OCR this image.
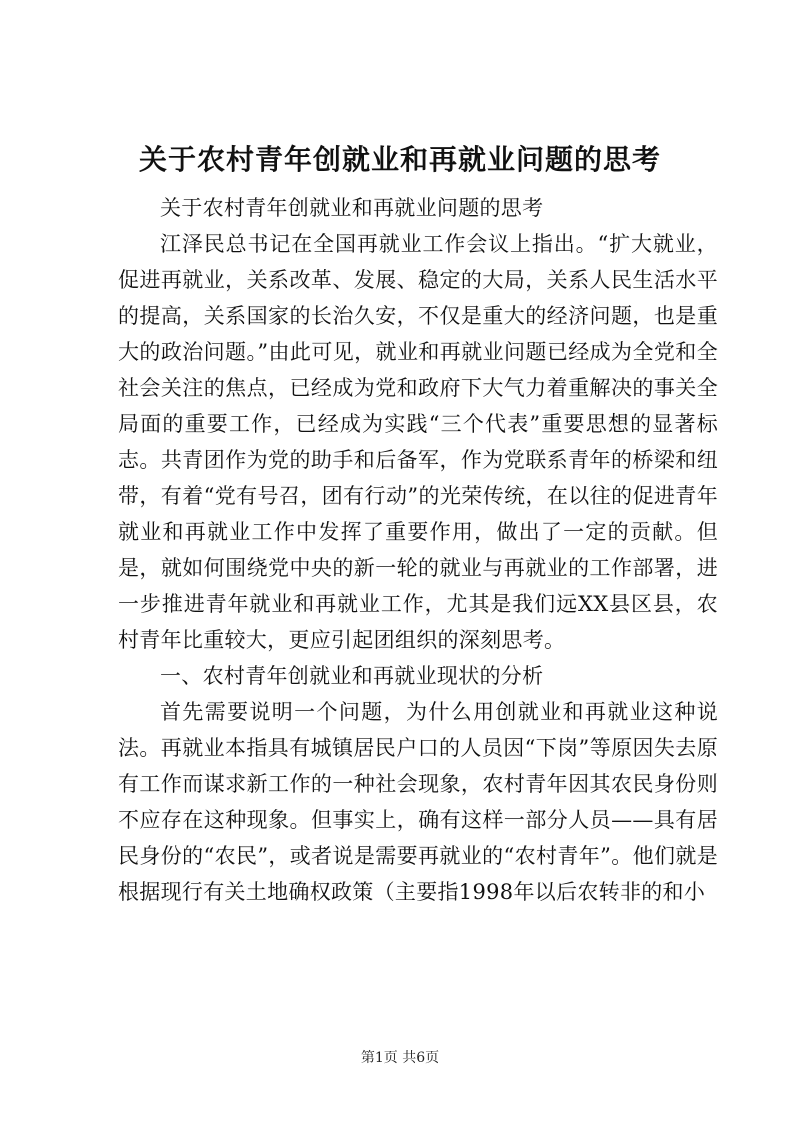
关于农村青年创就业和再就业问题的思考

关于农村青年创就业和再就业问题的思考

江泽民总书记在全国再就业工作会议上指出。“扩大就业，促进再就业，关系改革、发展、稳定的大局，关系人民生活水平的提高，关系国家的长治久安，不仅是重大的经济问题，也是重大的政治问题。”由此可见，就业和再就业问题已经成为全党和全社会关注的焦点，已经成为党和政府下大气力着重解决的事关全局面的重要工作，已经成为实践“三个代表”重要思想的显著标志。共青团作为党的助手和后备军，作为党联系青年的桥梁和纽带，有着“党有号召，团有行动”的光荣传统，在以往的促进青年就业和再就业工作中发挥了重要作用，做出了一定的贡献。但是，就如何围绕党中央的新一轮的就业与再就业的工作部署，进一步推进青年就业和再就业工作，尤其是我们远XX县区县，农村青年比重较大，更应引起团组织的深刻思考。

一、农村青年创就业和再就业现状的分析

首先需要说明一个问题，为什么用创就业和再就业这种说法。再就业本指具有城镇居民户口的人员因“下岗”等原因失去原有工作而谋求新工作的一种社会现象，农村青年因其农民身份则不应存在这种现象。但事实上，确有这样一部分人员——具有居民身份的“农民”，或者说是需要再就业的“农村青年”。他们就是根据现行有关土地确权政策（主要指1998年以后农转非的和小

第1页 共6页
